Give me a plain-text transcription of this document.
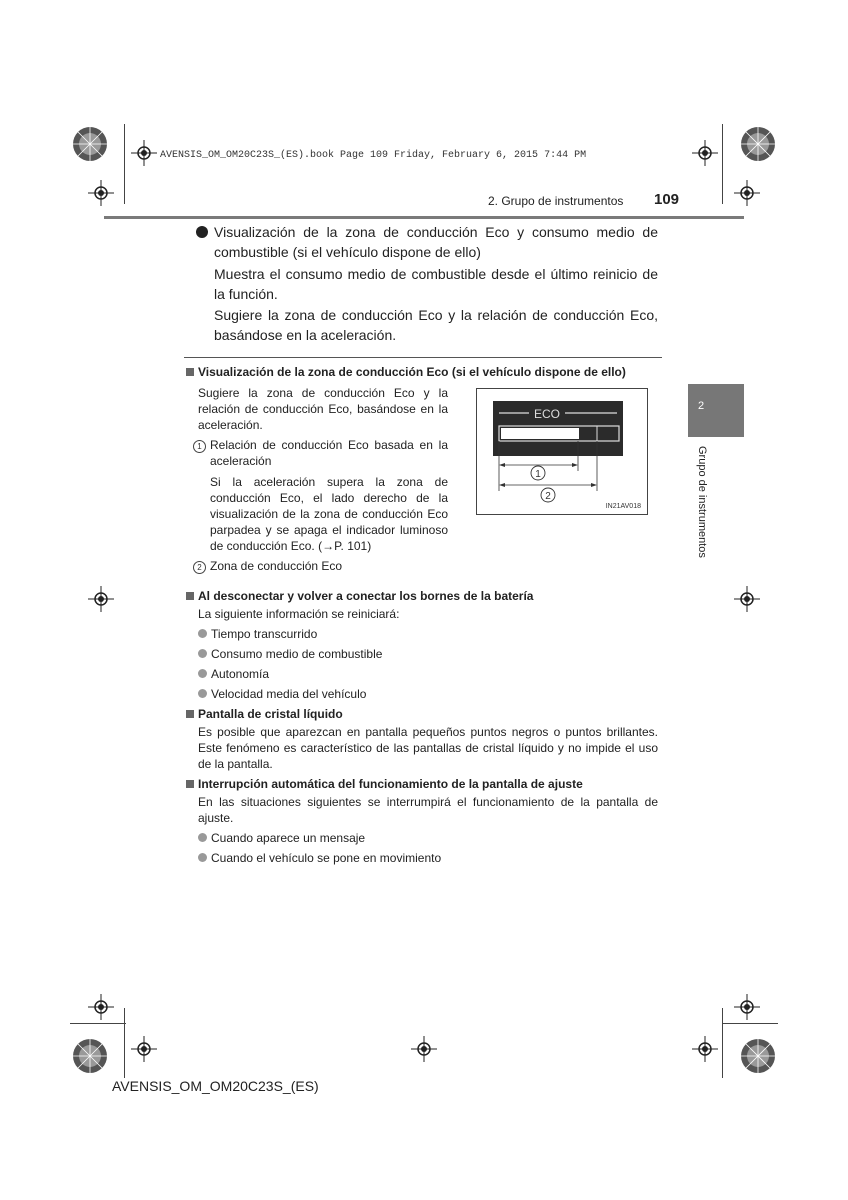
AVENSIS_OM_OM20C23S_(ES).book Page 109 Friday, February 6, 2015 7:44 PM
2. Grupo de instrumentos 109
2
Grupo de instrumentos
Visualización de la zona de conducción Eco y consumo medio de combustible (si el vehículo dispone de ello)
Muestra el consumo medio de combustible desde el último reinicio de la función.
Sugiere la zona de conducción Eco y la relación de conducción Eco, basándose en la aceleración.
Visualización de la zona de conducción Eco (si el vehículo dispone de ello)
Sugiere la zona de conducción Eco y la relación de conducción Eco, basándose en la aceleración.
1 Relación de conducción Eco basada en la aceleración
Si la aceleración supera la zona de conducción Eco, el lado derecho de la visualización de la zona de conducción Eco parpadea y se apaga el indicador luminoso de conducción Eco. (→P. 101)
2 Zona de conducción Eco
ECO
1
2
IN21AV018
Al desconectar y volver a conectar los bornes de la batería
La siguiente información se reiniciará:
Tiempo transcurrido
Consumo medio de combustible
Autonomía
Velocidad media del vehículo
Pantalla de cristal líquido
Es posible que aparezcan en pantalla pequeños puntos negros o puntos brillantes. Este fenómeno es característico de las pantallas de cristal líquido y no impide el uso de la pantalla.
Interrupción automática del funcionamiento de la pantalla de ajuste
En las situaciones siguientes se interrumpirá el funcionamiento de la pantalla de ajuste.
Cuando aparece un mensaje
Cuando el vehículo se pone en movimiento
AVENSIS_OM_OM20C23S_(ES)
